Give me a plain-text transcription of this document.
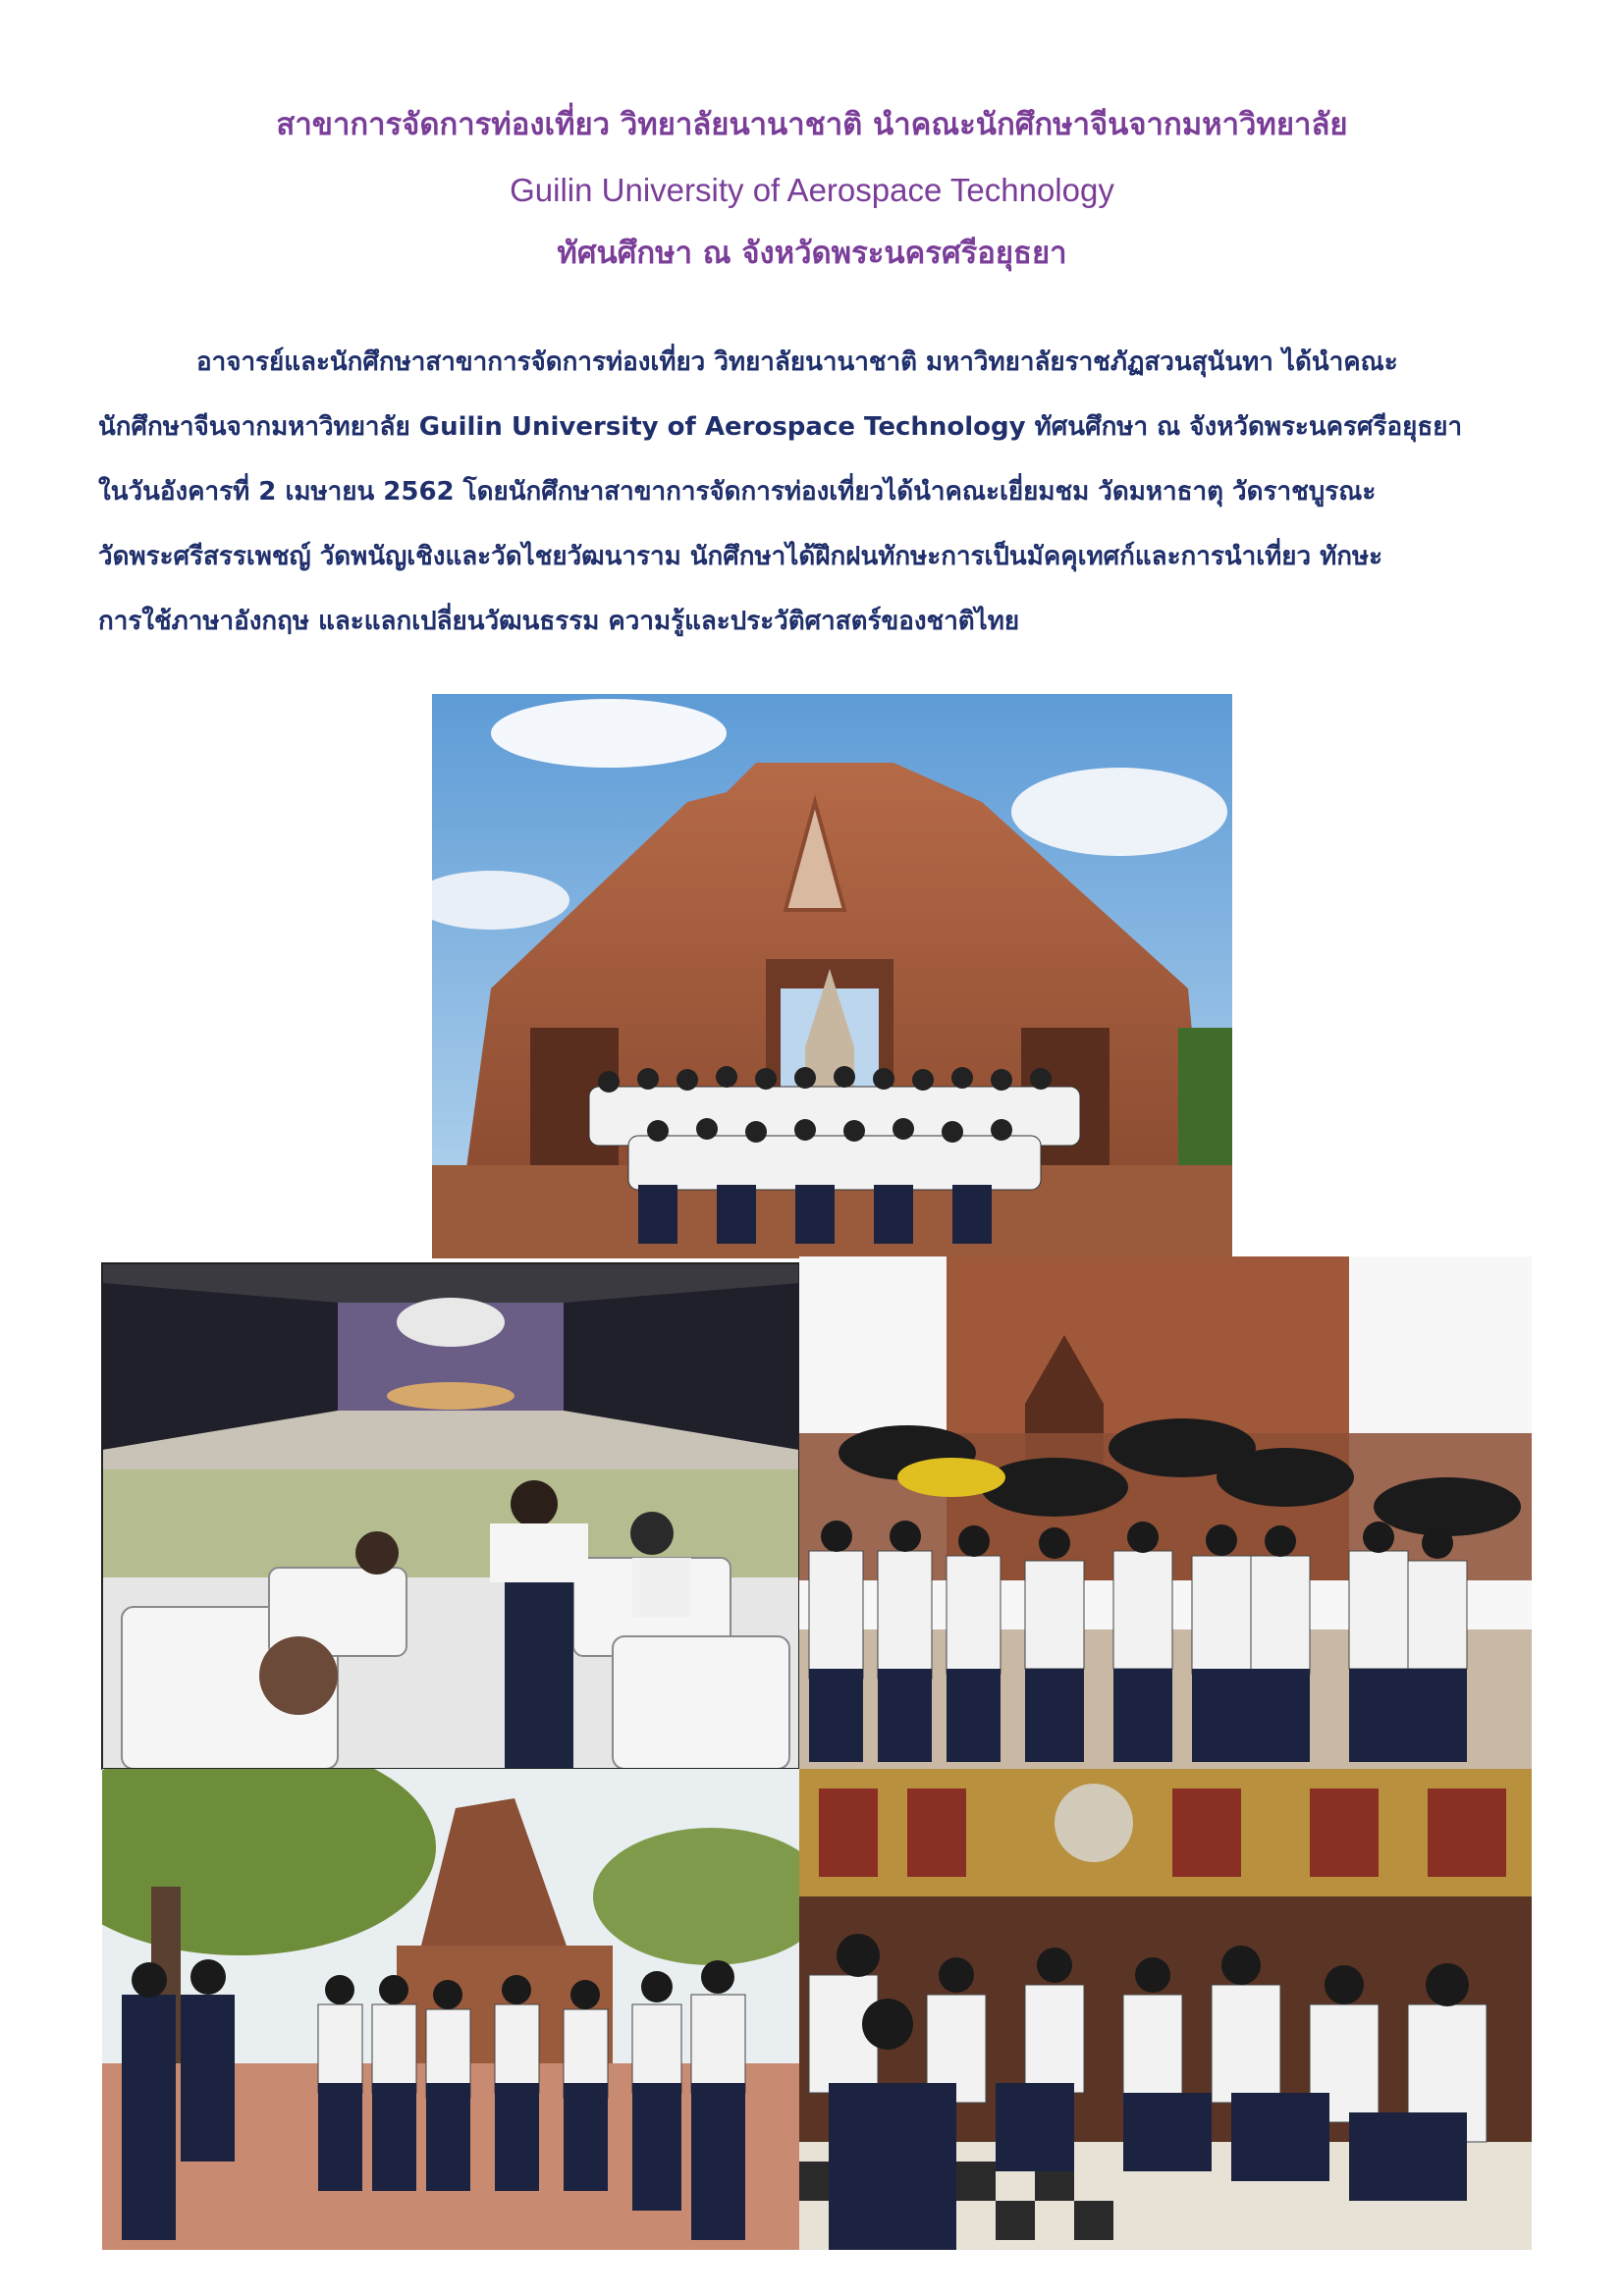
สาขาการจัดการท่องเที่ยว วิทยาลัยนานาชาติ นำคณะนักศึกษาจีนจากมหาวิทยาลัย
Guilin University of Aerospace Technology
ทัศนศึกษา ณ จังหวัดพระนครศรีอยุธยา
อาจารย์และนักศึกษาสาขาการจัดการท่องเที่ยว วิทยาลัยนานาชาติ มหาวิทยาลัยราชภัฏสวนสุนันทา ได้นำคณะ
นักศึกษาจีนจากมหาวิทยาลัย Guilin University of Aerospace Technology ทัศนศึกษา ณ จังหวัดพระนครศรีอยุธยา
ในวันอังคารที่ 2 เมษายน 2562 โดยนักศึกษาสาขาการจัดการท่องเที่ยวได้นำคณะเยี่ยมชม วัดมหาธาตุ วัดราชบูรณะ
วัดพระศรีสรรเพชญ์ วัดพนัญเชิงและวัดไชยวัฒนาราม นักศึกษาได้ฝึกฝนทักษะการเป็นมัคคุเทศก์และการนำเที่ยว ทักษะ
การใช้ภาษาอังกฤษ และแลกเปลี่ยนวัฒนธรรม ความรู้และประวัติศาสตร์ของชาติไทย
